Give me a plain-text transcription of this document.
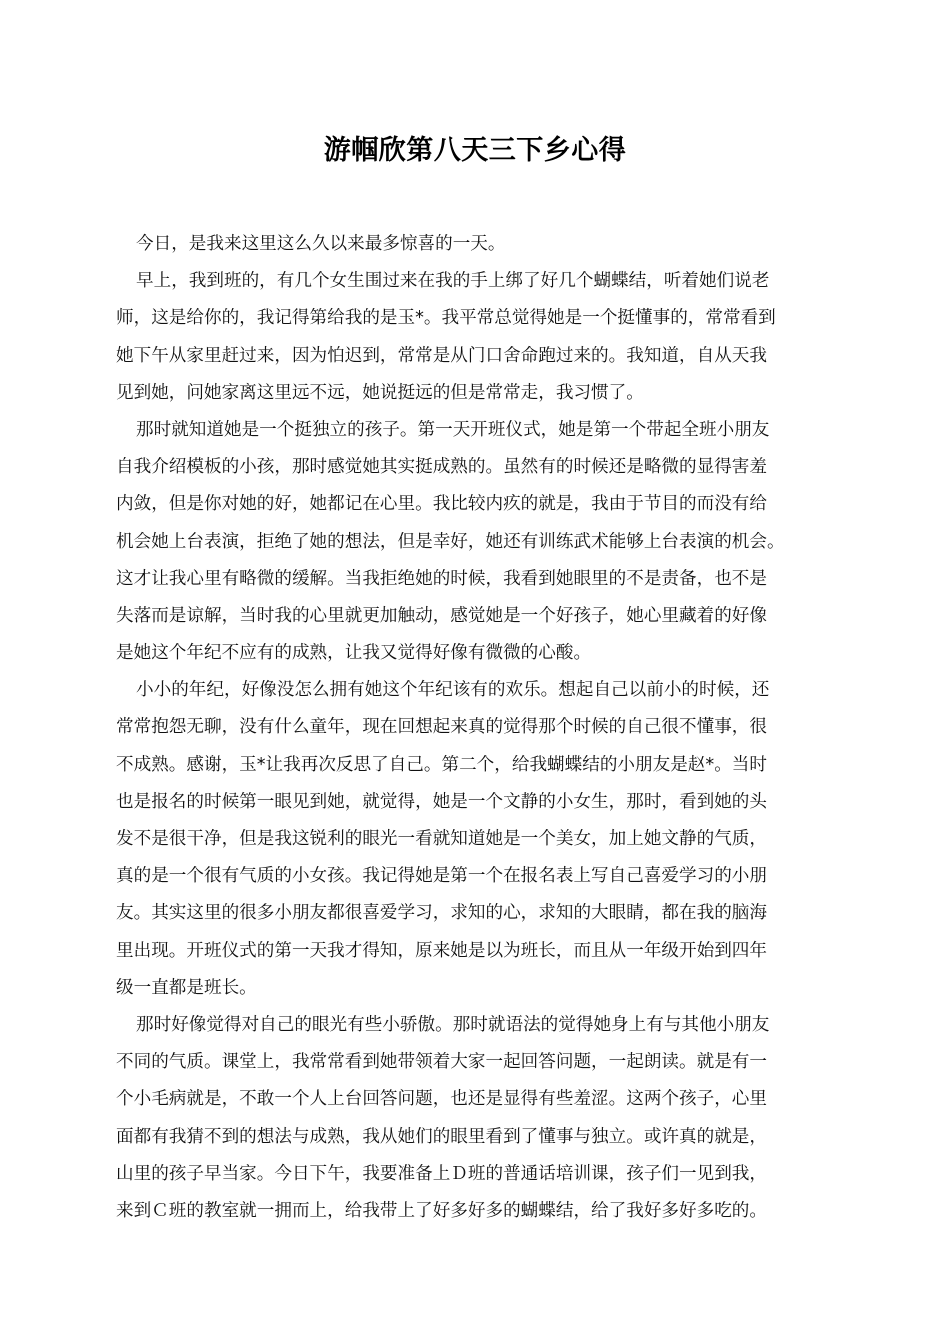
游帼欣第八天三下乡心得
今日，是我来这里这么久以来最多惊喜的一天。
早上，我到班的，有几个女生围过来在我的手上绑了好几个蝴蝶结，听着她们说老
师，这是给你的，我记得第给我的是玉*。我平常总觉得她是一个挺懂事的，常常看到
她下午从家里赶过来，因为怕迟到，常常是从门口舍命跑过来的。我知道，自从天我
见到她，问她家离这里远不远，她说挺远的但是常常走，我习惯了。
那时就知道她是一个挺独立的孩子。第一天开班仪式，她是第一个带起全班小朋友
自我介绍模板的小孩，那时感觉她其实挺成熟的。虽然有的时候还是略微的显得害羞
内敛，但是你对她的好，她都记在心里。我比较内疚的就是，我由于节目的而没有给
机会她上台表演，拒绝了她的想法，但是幸好，她还有训练武术能够上台表演的机会。
这才让我心里有略微的缓解。当我拒绝她的时候，我看到她眼里的不是责备，也不是
失落而是谅解，当时我的心里就更加触动，感觉她是一个好孩子，她心里藏着的好像
是她这个年纪不应有的成熟，让我又觉得好像有微微的心酸。
小小的年纪，好像没怎么拥有她这个年纪该有的欢乐。想起自己以前小的时候，还
常常抱怨无聊，没有什么童年，现在回想起来真的觉得那个时候的自己很不懂事，很
不成熟。感谢，玉*让我再次反思了自己。第二个，给我蝴蝶结的小朋友是赵*。当时
也是报名的时候第一眼见到她，就觉得，她是一个文静的小女生，那时，看到她的头
发不是很干净，但是我这锐利的眼光一看就知道她是一个美女，加上她文静的气质，
真的是一个很有气质的小女孩。我记得她是第一个在报名表上写自己喜爱学习的小朋
友。其实这里的很多小朋友都很喜爱学习，求知的心，求知的大眼睛，都在我的脑海
里出现。开班仪式的第一天我才得知，原来她是以为班长，而且从一年级开始到四年
级一直都是班长。
那时好像觉得对自己的眼光有些小骄傲。那时就语法的觉得她身上有与其他小朋友
不同的气质。课堂上，我常常看到她带领着大家一起回答问题，一起朗读。就是有一
个小毛病就是，不敢一个人上台回答问题，也还是显得有些羞涩。这两个孩子，心里
面都有我猜不到的想法与成熟，我从她们的眼里看到了懂事与独立。或许真的就是，
山里的孩子早当家。今日下午，我要准备上Ｄ班的普通话培训课，孩子们一见到我，
来到Ｃ班的教室就一拥而上，给我带上了好多好多的蝴蝶结，给了我好多好多吃的。
